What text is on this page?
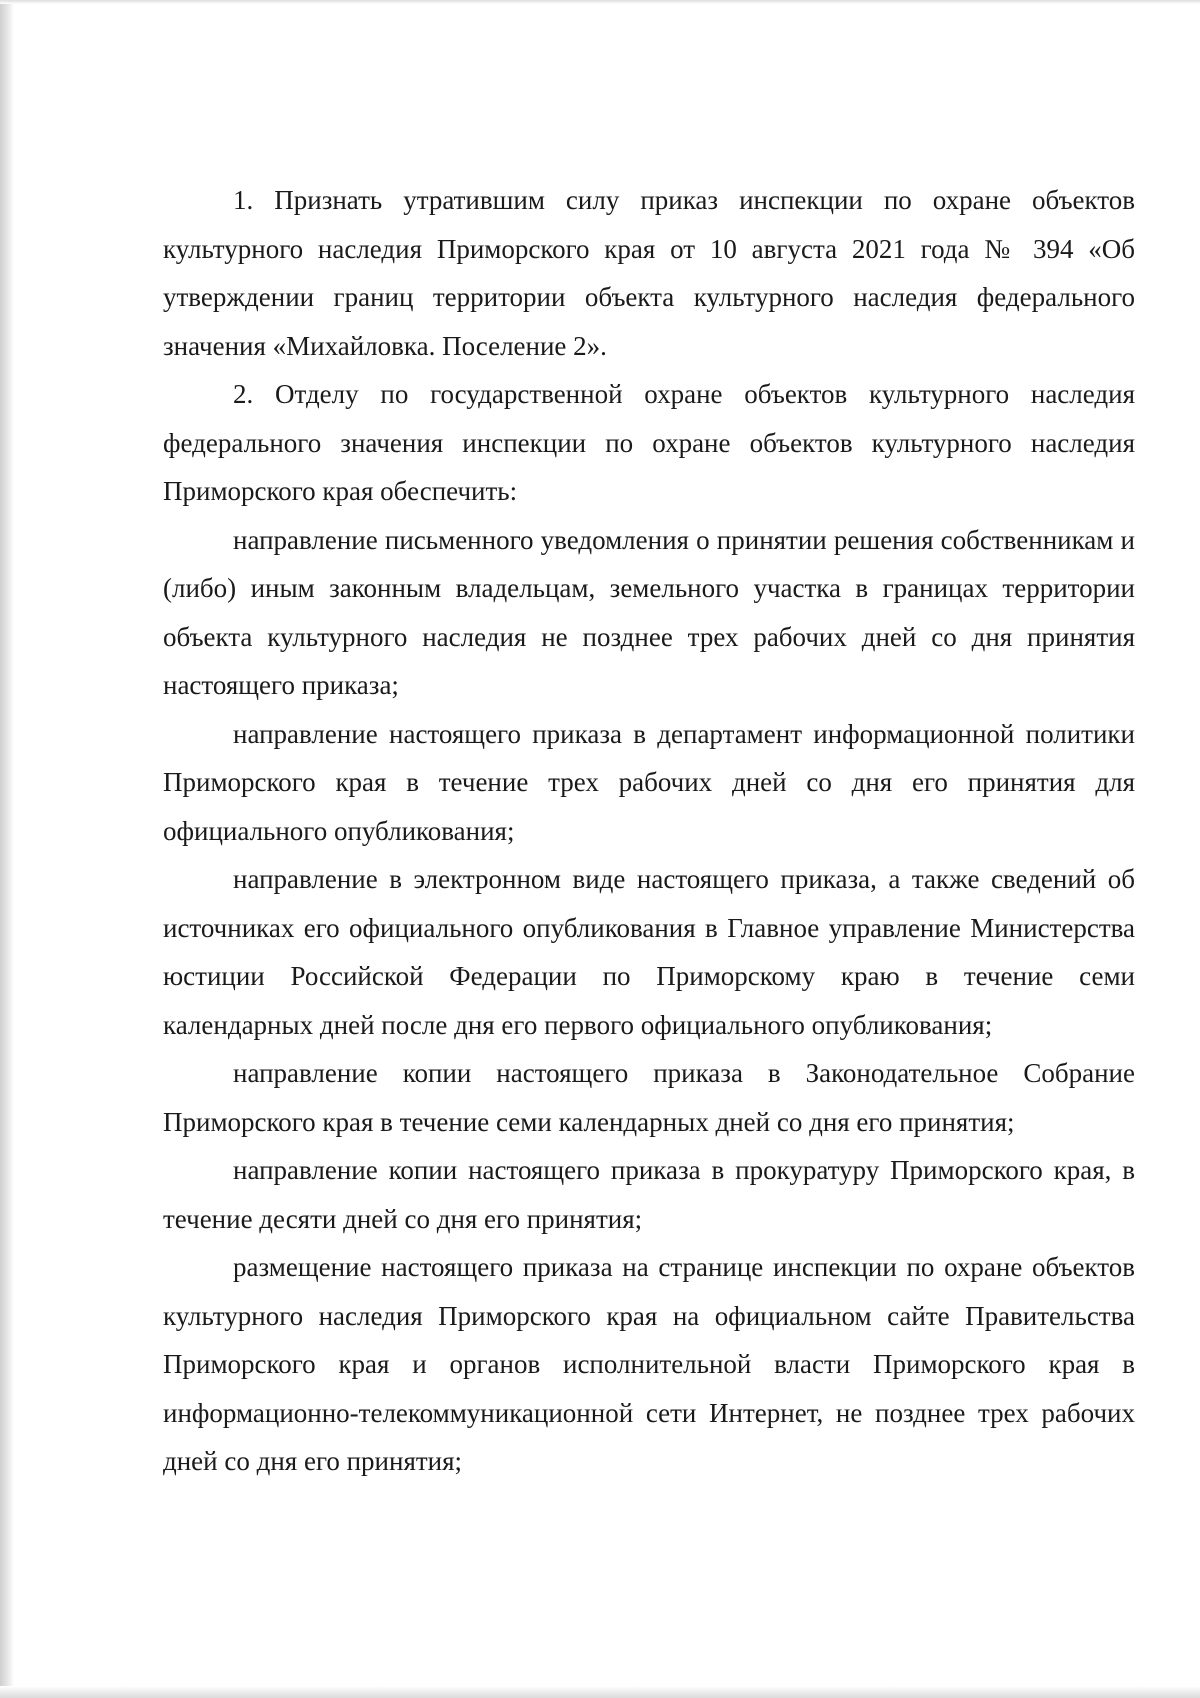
1. Признать утратившим силу приказ инспекции по охране объектов культурного наследия Приморского края от 10 августа 2021 года № 394 «Об утверждении границ территории объекта культурного наследия федерального значения «Михайловка. Поселение 2».

2. Отделу по государственной охране объектов культурного наследия федерального значения инспекции по охране объектов культурного наследия Приморского края обеспечить:

направление письменного уведомления о принятии решения собственникам и (либо) иным законным владельцам, земельного участка в границах территории объекта культурного наследия не позднее трех рабочих дней со дня принятия настоящего приказа;

направление настоящего приказа в департамент информационной политики Приморского края в течение трех рабочих дней со дня его принятия для официального опубликования;

направление в электронном виде настоящего приказа, а также сведений об источниках его официального опубликования в Главное управление Министерства юстиции Российской Федерации по Приморскому краю в течение семи календарных дней после дня его первого официального опубликования;

направление копии настоящего приказа в Законодательное Собрание Приморского края в течение семи календарных дней со дня его принятия;

направление копии настоящего приказа в прокуратуру Приморского края, в течение десяти дней со дня его принятия;

размещение настоящего приказа на странице инспекции по охране объектов культурного наследия Приморского края на официальном сайте Правительства Приморского края и органов исполнительной власти Приморского края в информационно-телекоммуникационной сети Интернет, не позднее трех рабочих дней со дня его принятия;
